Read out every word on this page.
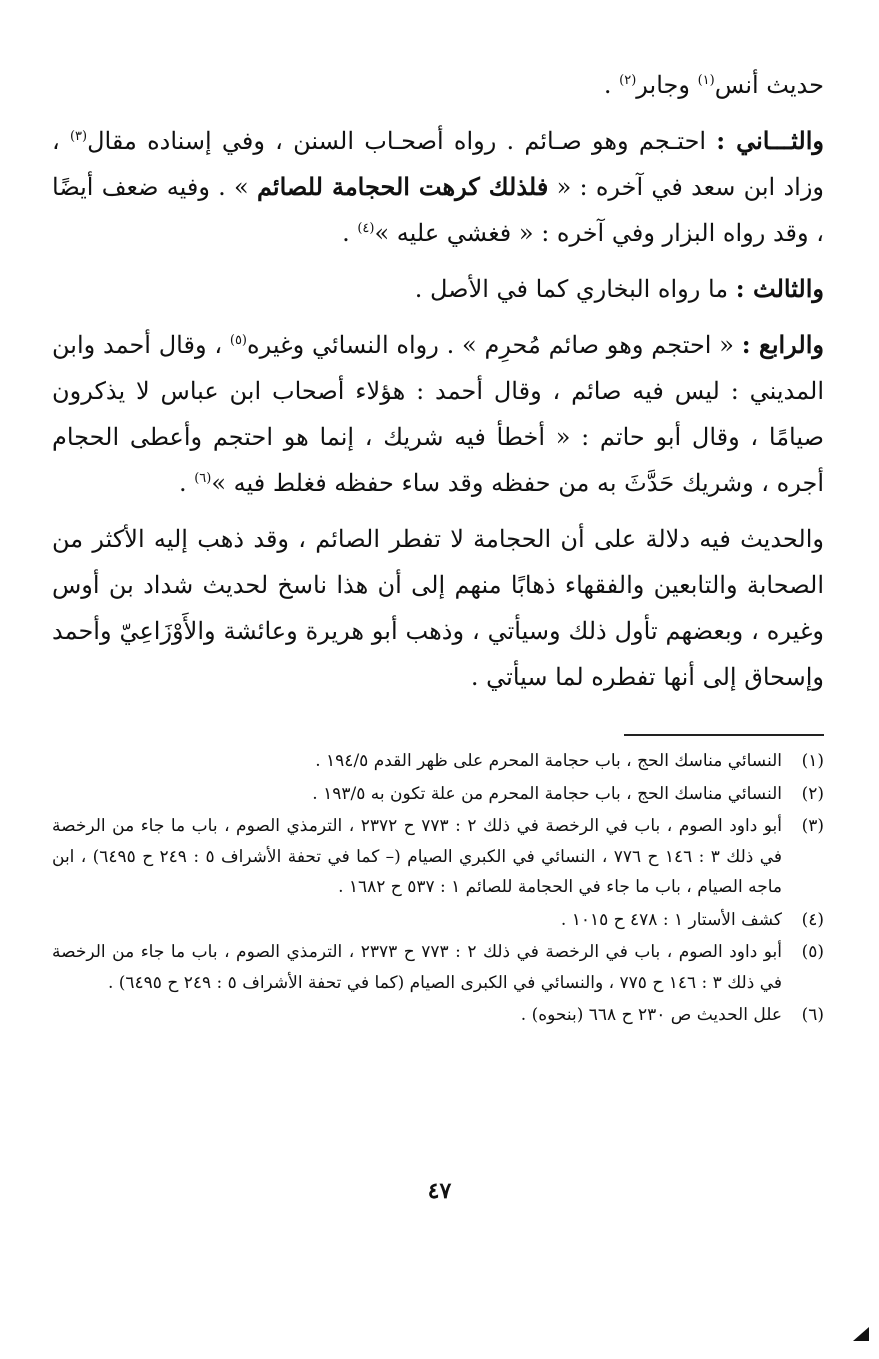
حديث أنس$^{(١)}$ وجابر$^{(٢)}$ .

والثـــاني : احتـجم وهو صـائم . رواه أصحـاب السنن ، وفي إسناده مقال$^{(٣)}$ ، وزاد ابن سعد في آخره : « فلذلك كرهت الحجامة للصائم » . وفيه ضعف أيضًا ، وقد رواه البزار وفي آخره : « فغشي عليه »$^{(٤)}$ .

والثالث : ما رواه البخاري كما في الأصل .

والرابع : « احتجم وهو صائم مُحرِم » . رواه النسائي وغيره$^{(٥)}$ ، وقال أحمد وابن المديني : ليس فيه صائم ، وقال أحمد : هؤلاء أصحاب ابن عباس لا يذكرون صيامًا ، وقال أبو حاتم : « أخطأ فيه شريك ، إنما هو احتجم وأعطى الحجام أجره ، وشريك حَدَّثَ به من حفظه وقد ساء حفظه فغلط فيه »$^{(٦)}$ .

والحديث فيه دلالة على أن الحجامة لا تفطر الصائم ، وقد ذهب إليه الأكثر من الصحابة والتابعين والفقهاء ذهابًا منهم إلى أن هذا ناسخ لحديث شداد بن أوس وغيره ، وبعضهم تأول ذلك وسيأتي ، وذهب أبو هريرة وعائشة والأَوْزَاعِيّ وأحمد وإسحاق إلى أنها تفطره لما سيأتي .

(١)
النسائي مناسك الحج ، باب حجامة المحرم على ظهر القدم ١٩٤/٥ .
(٢)
النسائي مناسك الحج ، باب حجامة المحرم من علة تكون به ١٩٣/٥ .
(٣)
أبو داود الصوم ، باب في الرخصة في ذلك ٢ : ٧٧٣ ح ٢٣٧٢ ، الترمذي الصوم ، باب ما جاء من الرخصة في ذلك ٣ : ١٤٦ ح ٧٧٦ ، النسائي في الكبري الصيام (– كما في تحفة الأشراف ٥ : ٢٤٩ ح ٦٤٩٥) ، ابن ماجه الصيام ، باب ما جاء في الحجامة للصائم ١ : ٥٣٧ ح ١٦٨٢ .
(٤)
كشف الأستار ١ : ٤٧٨ ح ١٠١٥ .
(٥)
أبو داود الصوم ، باب في الرخصة في ذلك ٢ : ٧٧٣ ح ٢٣٧٣ ، الترمذي الصوم ، باب ما جاء من الرخصة في ذلك ٣ : ١٤٦ ح ٧٧٥ ، والنسائي في الكبرى الصيام (كما في تحفة الأشراف ٥ : ٢٤٩ ح ٦٤٩٥) .
(٦)
علل الحديث ص ٢٣٠ ح ٦٦٨ (بنحوه) .
٤٧
